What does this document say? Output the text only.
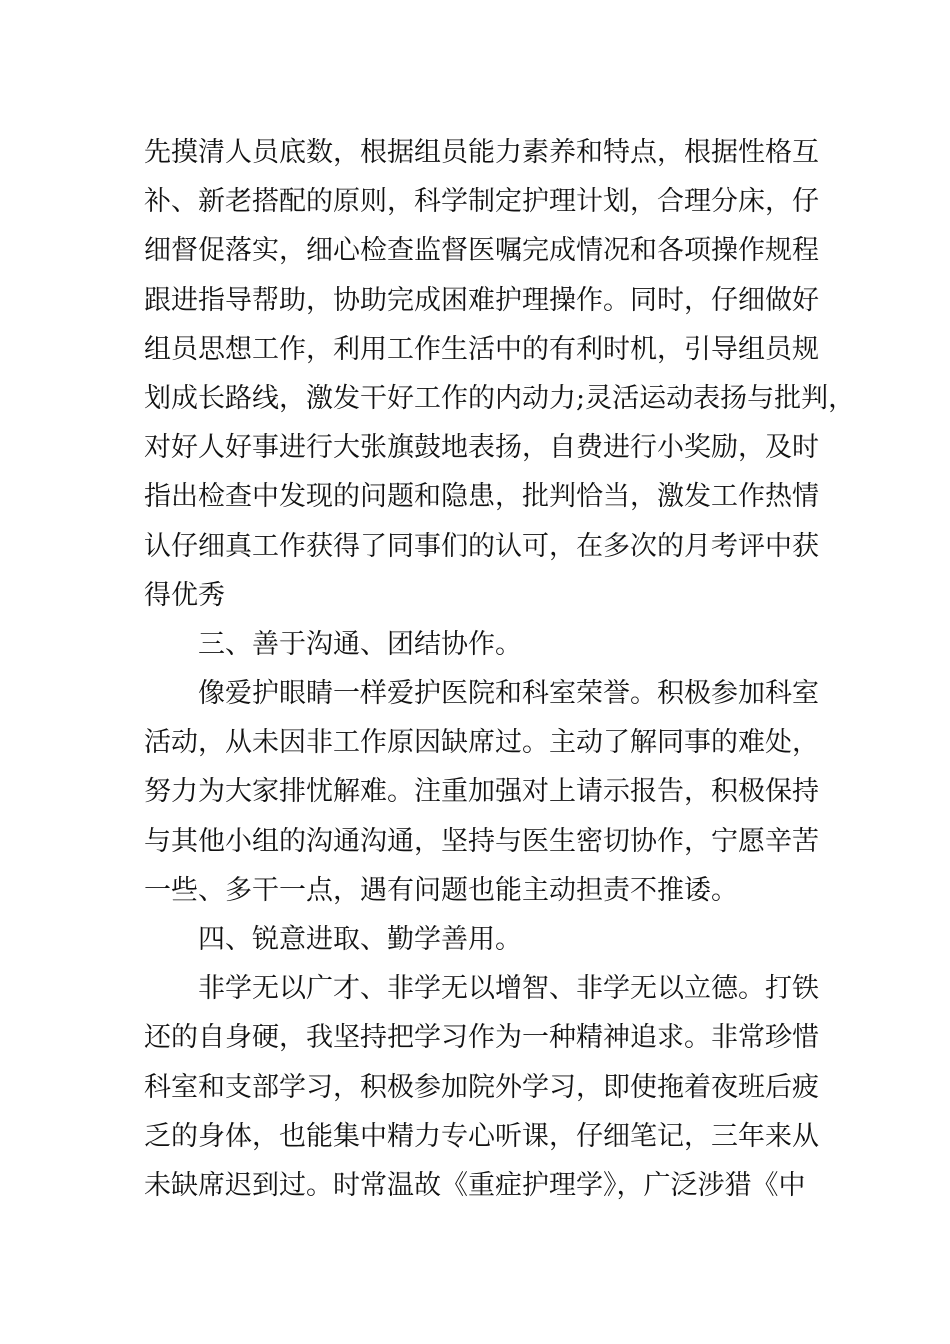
先摸清人员底数，根据组员能力素养和特点，根据性格互
补、新老搭配的原则，科学制定护理计划，合理分床，仔
细督促落实，细心检查监督医嘱完成情况和各项操作规程
跟进指导帮助，协助完成困难护理操作。同时，仔细做好
组员思想工作，利用工作生活中的有利时机，引导组员规
划成长路线，激发干好工作的内动力;灵活运动表扬与批判，
对好人好事进行大张旗鼓地表扬，自费进行小奖励，及时
指出检查中发现的问题和隐患，批判恰当，激发工作热情
认仔细真工作获得了同事们的认可，在多次的月考评中获
得优秀
三、善于沟通、团结协作。
像爱护眼睛一样爱护医院和科室荣誉。积极参加科室
活动，从未因非工作原因缺席过。主动了解同事的难处，
努力为大家排忧解难。注重加强对上请示报告，积极保持
与其他小组的沟通沟通，坚持与医生密切协作，宁愿辛苦
一些、多干一点，遇有问题也能主动担责不推诿。
四、锐意进取、勤学善用。
非学无以广才、非学无以增智、非学无以立德。打铁
还的自身硬，我坚持把学习作为一种精神追求。非常珍惜
科室和支部学习，积极参加院外学习，即使拖着夜班后疲
乏的身体，也能集中精力专心听课，仔细笔记，三年来从
未缺席迟到过。时常温故《重症护理学》，广泛涉猎《中
